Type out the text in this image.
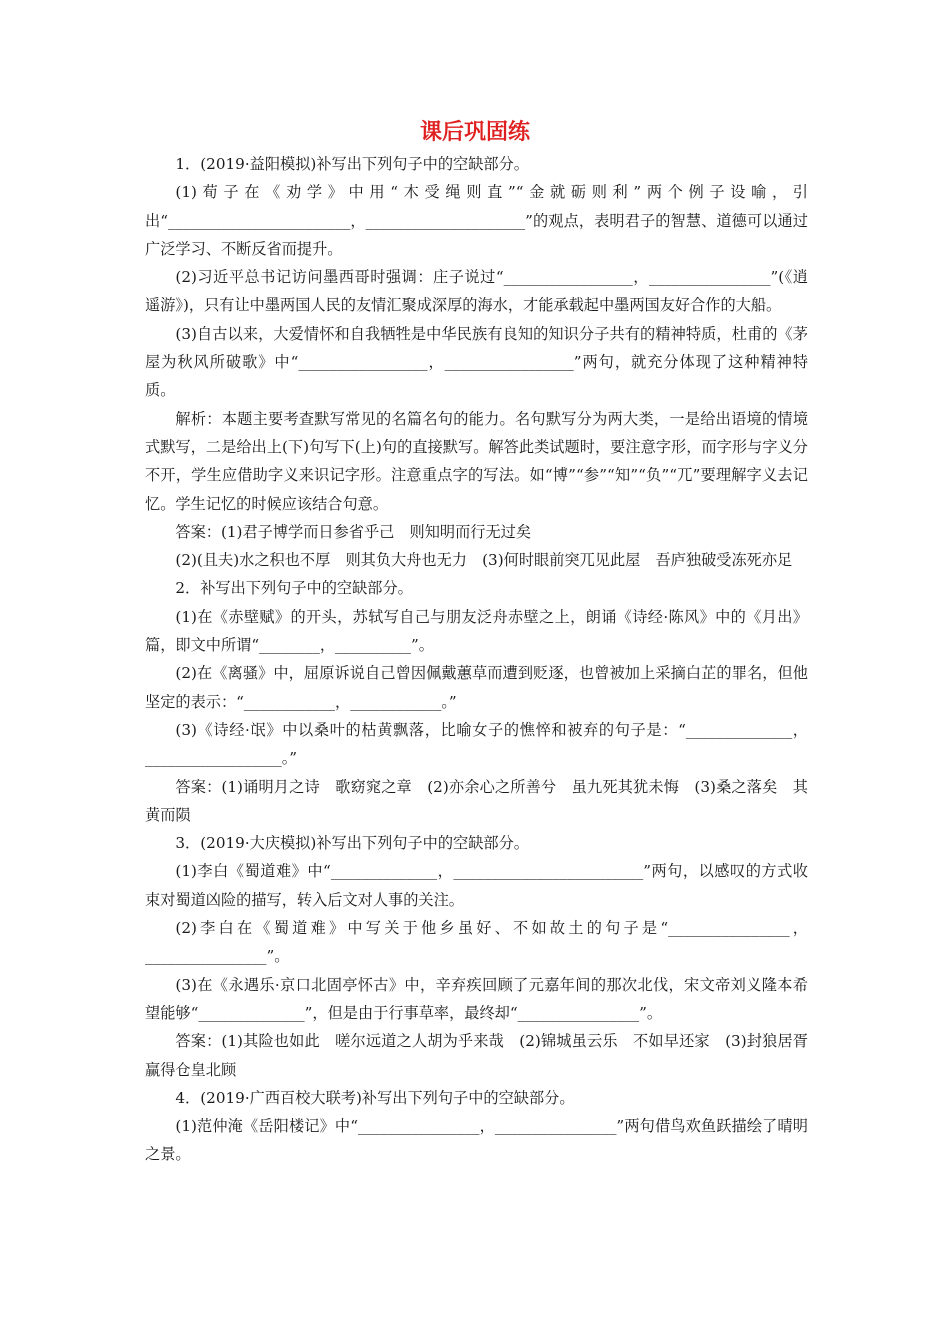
课后巩固练

1．(2019·益阳模拟)补写出下列句子中的空缺部分。

(1)荀子在《劝学》中用“木受绳则直”“金就砺则利”两个例子设喻，引出“________________________，_____________________”的观点，表明君子的智慧、道德可以通过广泛学习、不断反省而提升。

(2)习近平总书记访问墨西哥时强调：庄子说过“_________________，________________”(《逍遥游》)，只有让中墨两国人民的友情汇聚成深厚的海水，才能承载起中墨两国友好合作的大船。

(3)自古以来，大爱情怀和自我牺牲是中华民族有良知的知识分子共有的精神特质，杜甫的《茅屋为秋风所破歌》中“_________________，_________________”两句，就充分体现了这种精神特质。

解析：本题主要考查默写常见的名篇名句的能力。名句默写分为两大类，一是给出语境的情境式默写，二是给出上(下)句写下(上)句的直接默写。解答此类试题时，要注意字形，而字形与字义分不开，学生应借助字义来识记字形。注意重点字的写法。如“博”“参”“知”“负”“兀”要理解字义去记忆。学生记忆的时候应该结合句意。

答案：(1)君子博学而日参省乎己　则知明而行无过矣

(2)(且夫)水之积也不厚　则其负大舟也无力　(3)何时眼前突兀见此屋　吾庐独破受冻死亦足

2．补写出下列句子中的空缺部分。

(1)在《赤壁赋》的开头，苏轼写自己与朋友泛舟赤壁之上，朗诵《诗经·陈风》中的《月出》篇，即文中所谓“________，__________”。

(2)在《离骚》中，屈原诉说自己曾因佩戴蕙草而遭到贬逐，也曾被加上采摘白芷的罪名，但他坚定的表示：“____________，____________。”

(3)《诗经·氓》中以桑叶的枯黄飘落，比喻女子的憔悴和被弃的句子是：“______________，__________________。”

答案：(1)诵明月之诗　歌窈窕之章　(2)亦余心之所善兮　虽九死其犹未悔　(3)桑之落矣　其黄而陨

3．(2019·大庆模拟)补写出下列句子中的空缺部分。

(1)李白《蜀道难》中“______________，_________________________”两句，以感叹的方式收束对蜀道凶险的描写，转入后文对人事的关注。

(2)李白在《蜀道难》中写关于他乡虽好、不如故土的句子是“________________，________________”。

(3)在《永遇乐·京口北固亭怀古》中，辛弃疾回顾了元嘉年间的那次北伐，宋文帝刘义隆本希望能够“______________”，但是由于行事草率，最终却“________________”。

答案：(1)其险也如此　嗟尔远道之人胡为乎来哉　(2)锦城虽云乐　不如早还家　(3)封狼居胥　赢得仓皇北顾

4．(2019·广西百校大联考)补写出下列句子中的空缺部分。

(1)范仲淹《岳阳楼记》中“________________，________________”两句借鸟欢鱼跃描绘了晴明之景。
